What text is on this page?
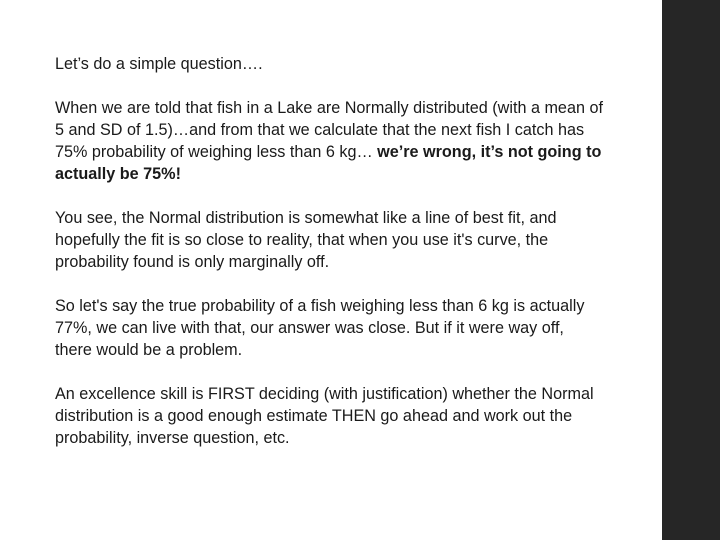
Let’s do a simple question….

When we are told that fish in a Lake are Normally distributed (with a mean of 5 and SD of 1.5)…and from that we calculate that the next fish I catch has 75% probability of weighing less than 6 kg… we’re wrong, it’s not going to actually be 75%!

You see, the Normal distribution is somewhat like a line of best fit, and hopefully the fit is so close to reality, that when you use it's curve, the probability found is only marginally off.

So let's say the true probability of a fish weighing less than 6 kg is actually 77%, we can live with that, our answer was close. But if it were way off, there would be a problem.

An excellence skill is FIRST deciding (with justification) whether the Normal distribution is a good enough estimate THEN go ahead and work out the probability, inverse question, etc.
